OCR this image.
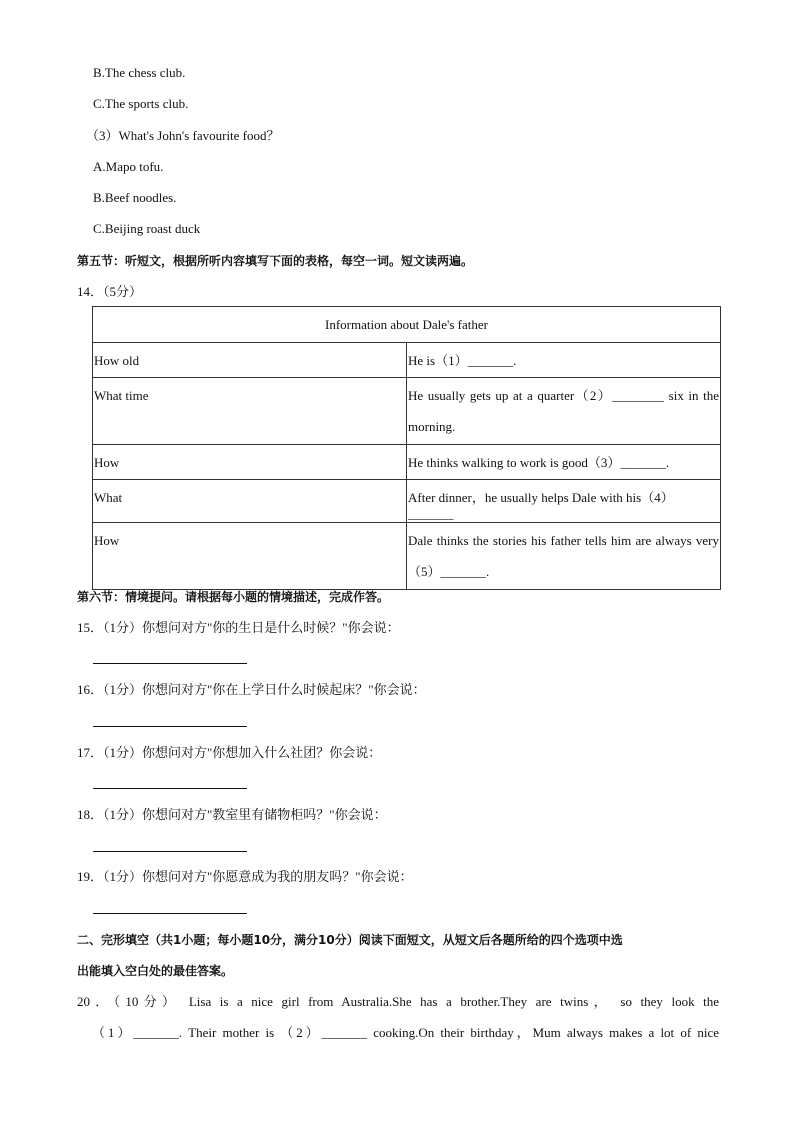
B.The chess club.
C.The sports club.
（3）What's John's favourite food？
A.Mapo tofu.
B.Beef noodles.
C.Beijing roast duck
第五节：听短文，根据所听内容填写下面的表格，每空一词。短文读两遍。
14．（5分）
Information about Dale's father	
How old	He is（1）_______.
What time	He usually gets up at a quarter（2）________ six in the
morning.

How	He thinks walking to work is good（3）_______.
What	After dinner，he usually helps Dale with his（4）_______
How	Dale thinks the stories his father tells him are always very
（5）_______.
第六节：情境提问。请根据每小题的情境描述，完成作答。
15．（1分）你想问对方"你的生日是什么时候？"你会说：
16．（1分）你想问对方"你在上学日什么时候起床？"你会说：
17．（1分）你想问对方"你想加入什么社团？你会说：
18．（1分）你想问对方"教室里有储物柜吗？"你会说：
19．（1分）你想问对方"你愿意成为我的朋友吗？"你会说：
二、完形填空（共1小题；每小题10分，满分10分）阅读下面短文，从短文后各题所给的四个选项中选
出能填入空白处的最佳答案。
20．（10分） Lisa is a nice girl from Australia.She has a brother.They are twins， so they look the
（1）_______. Their mother is （2）_______ cooking.On their birthday，Mum always makes a lot of nice
